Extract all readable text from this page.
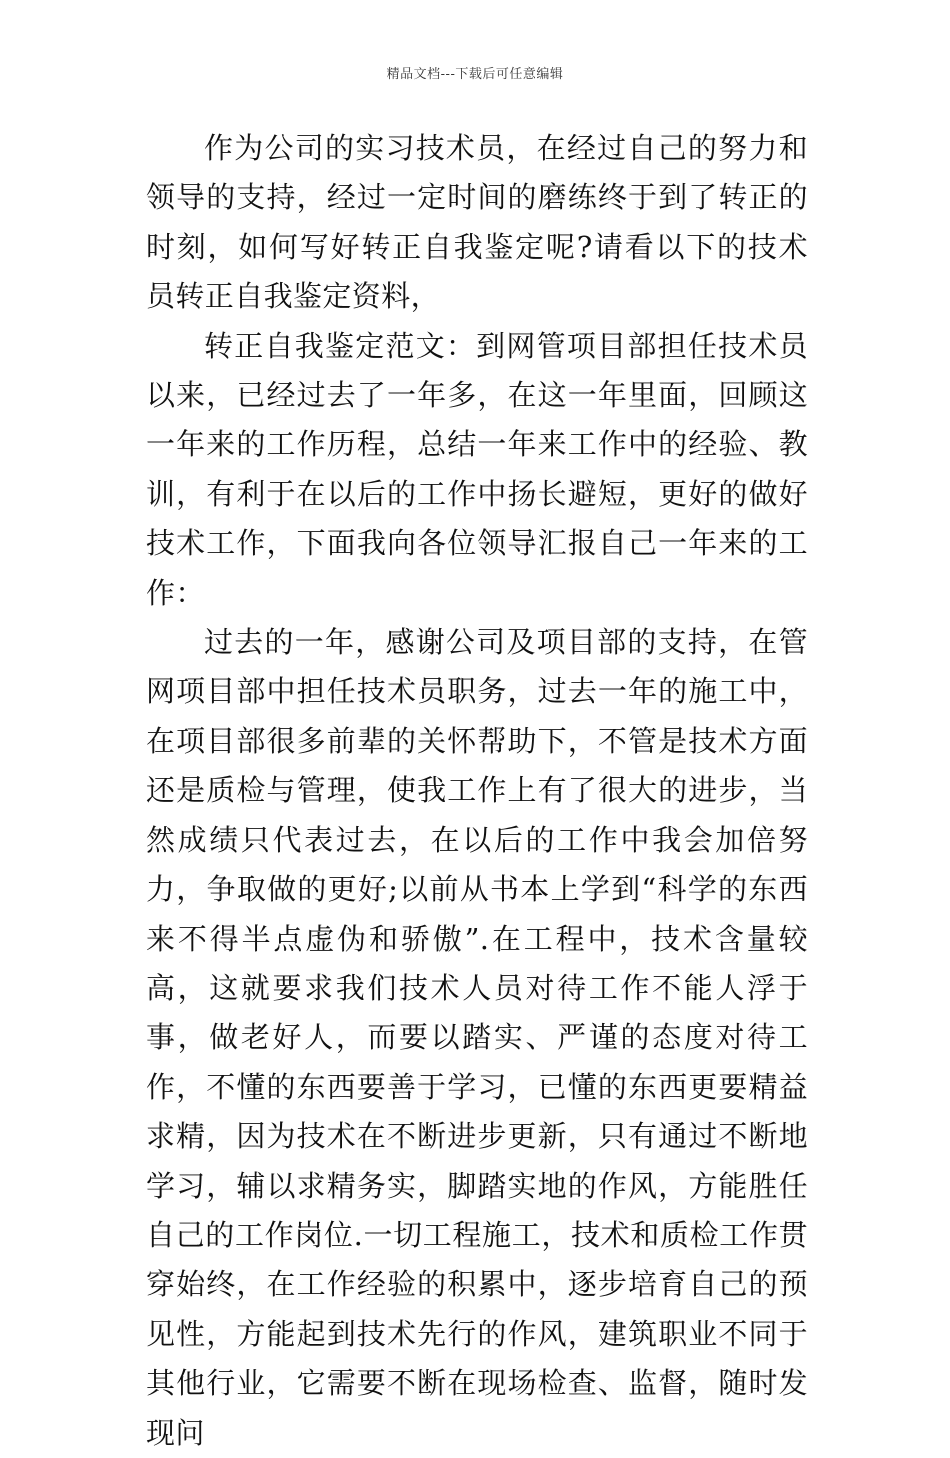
精品文档---下载后可任意编辑

作为公司的实习技术员，在经过自己的努力和领导的支持，经过一定时间的磨练终于到了转正的时刻，如何写好转正自我鉴定呢?请看以下的技术员转正自我鉴定资料，

转正自我鉴定范文：到网管项目部担任技术员以来，已经过去了一年多，在这一年里面，回顾这一年来的工作历程，总结一年来工作中的经验、教训，有利于在以后的工作中扬长避短，更好的做好技术工作，下面我向各位领导汇报自己一年来的工作：

过去的一年，感谢公司及项目部的支持，在管网项目部中担任技术员职务，过去一年的施工中，在项目部很多前辈的关怀帮助下，不管是技术方面还是质检与管理，使我工作上有了很大的进步，当然成绩只代表过去，在以后的工作中我会加倍努力，争取做的更好;以前从书本上学到“科学的东西来不得半点虚伪和骄傲”.在工程中，技术含量较高，这就要求我们技术人员对待工作不能人浮于事，做老好人，而要以踏实、严谨的态度对待工作，不懂的东西要善于学习，已懂的东西更要精益求精，因为技术在不断进步更新，只有通过不断地学习，辅以求精务实，脚踏实地的作风，方能胜任自己的工作岗位.一切工程施工，技术和质检工作贯穿始终，在工作经验的积累中，逐步培育自己的预见性，方能起到技术先行的作风，建筑职业不同于其他行业，它需要不断在现场检查、监督，随时发现问
